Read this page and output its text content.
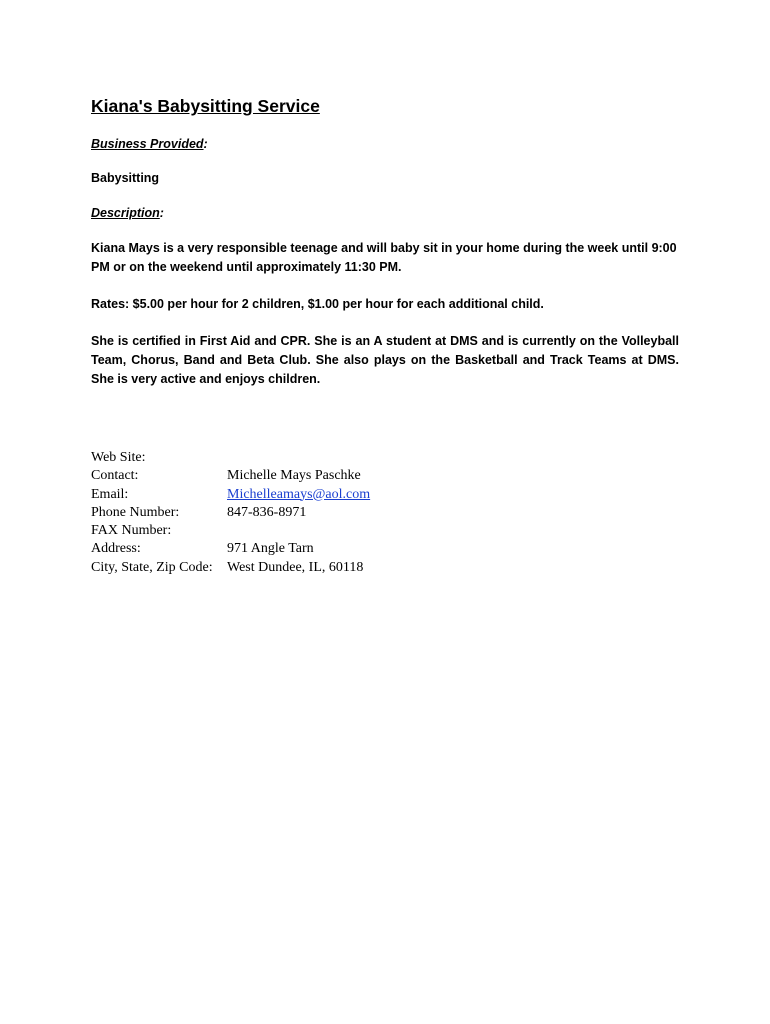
Kiana's Babysitting Service
Business Provided:
Babysitting
Description:
Kiana Mays is a very responsible teenage and will baby sit in your home during the week until 9:00 PM or on the weekend until approximately 11:30 PM.
Rates: $5.00 per hour for 2 children, $1.00 per hour for each additional child.
She is certified in First Aid and CPR. She is an A student at DMS and is currently on the Volleyball Team, Chorus, Band and Beta Club. She also plays on the Basketball and Track Teams at DMS. She is very active and enjoys children.
Web Site:
Contact:	Michelle Mays Paschke
Email:	Michelleamays@aol.com
Phone Number:	847-836-8971
FAX Number:
Address:	971 Angle Tarn
City, State, Zip Code:	West Dundee, IL, 60118
